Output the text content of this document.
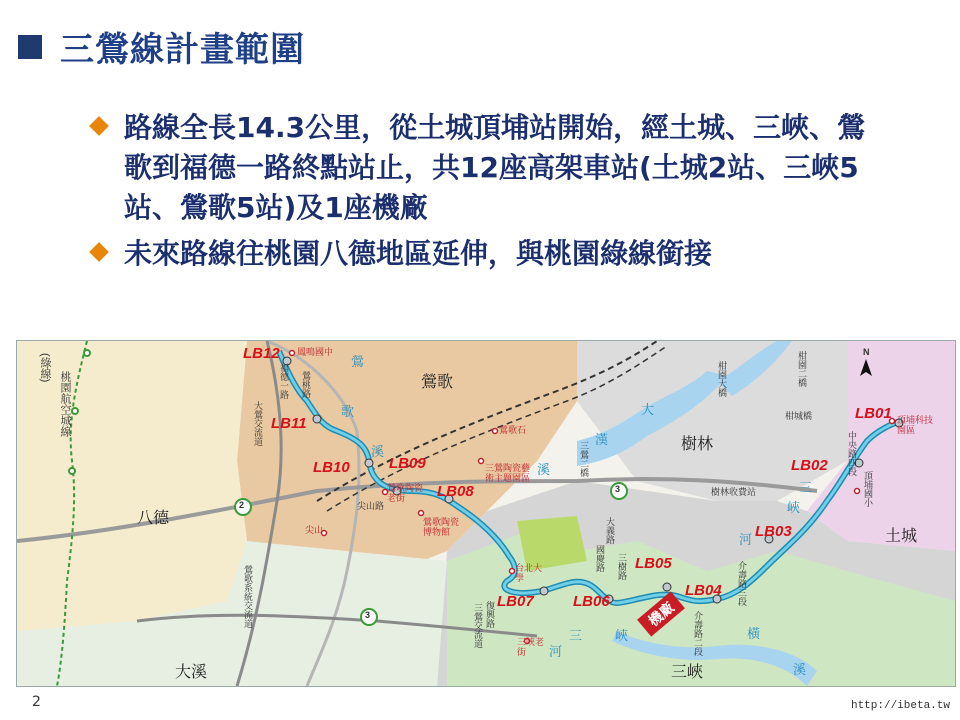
三鶯線計畫範圍
路線全長14.3公里，從土城頂埔站開始，經土城、三峽、鶯歌到福德一路終點站止，共12座高架車站(土城2站、三峽5站、鶯歌5站)及1座機廠
未來路線往桃園八德地區延伸，與桃園綠線銜接
2
3
3
LB01
LB02
LB03
LB04
LB05
LB06
LB07
LB08
LB09
LB10
LB11
LB12
鶯歌
樹林
八德
土城
大溪	三峽
機廠
桃園航空城線
(綠線)
大
漢
溪
鶯
歌
溪
三
峽
河
橫
溪
三	峽
河
福德一路 鶯桃路
大鶯交流道
尖山路
樹林收費站
三鶯二橋
柑園大橋	柑園二橋
復興路
國慶路 三樹路
介壽路二段
介壽路三段
中央路四段
鶯歌系統交流道	三鶯交流道
柑城橋
大義路
頂埔國小
鶯歌石
鶯歌陶瓷老街
鶯歌陶瓷博物館
三鶯陶瓷藝術主題園區
尖山
鳳鳴國中
台北大學
頂埔科技園區
三峽老街
N
2	http://ibeta.tw
